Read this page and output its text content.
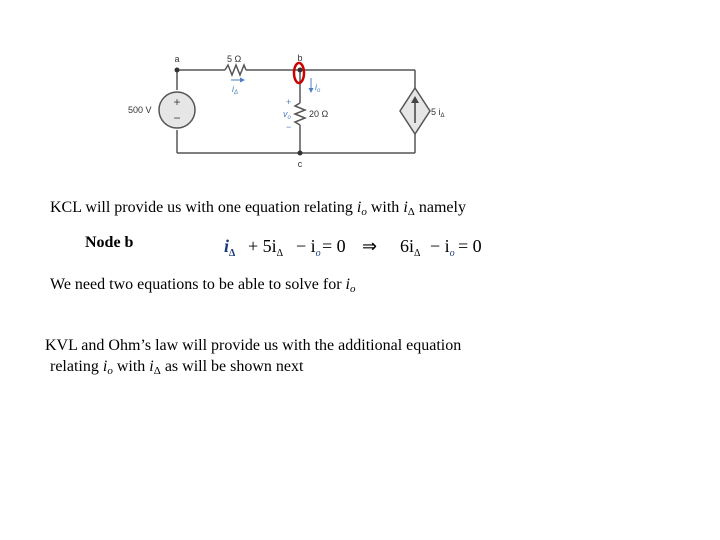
+
−
a	b
c
5 Ω
20 Ω
500 V	5 $i_\Delta$
$i_\Delta$
$i_o$
+
$v_o$
−
KCL will provide us with one equation relating $i_o$ with $i_\Delta$ namely
Node b	$i_\Delta + 5i_\Delta - i_o = 0$ ⇒ $6i_\Delta - i_o = 0$
We need two equations to be able to solve for $i_o$
KVL and Ohm’s law will provide us with the additional equation
relating $i_o$ with $i_\Delta$ as will be shown next
